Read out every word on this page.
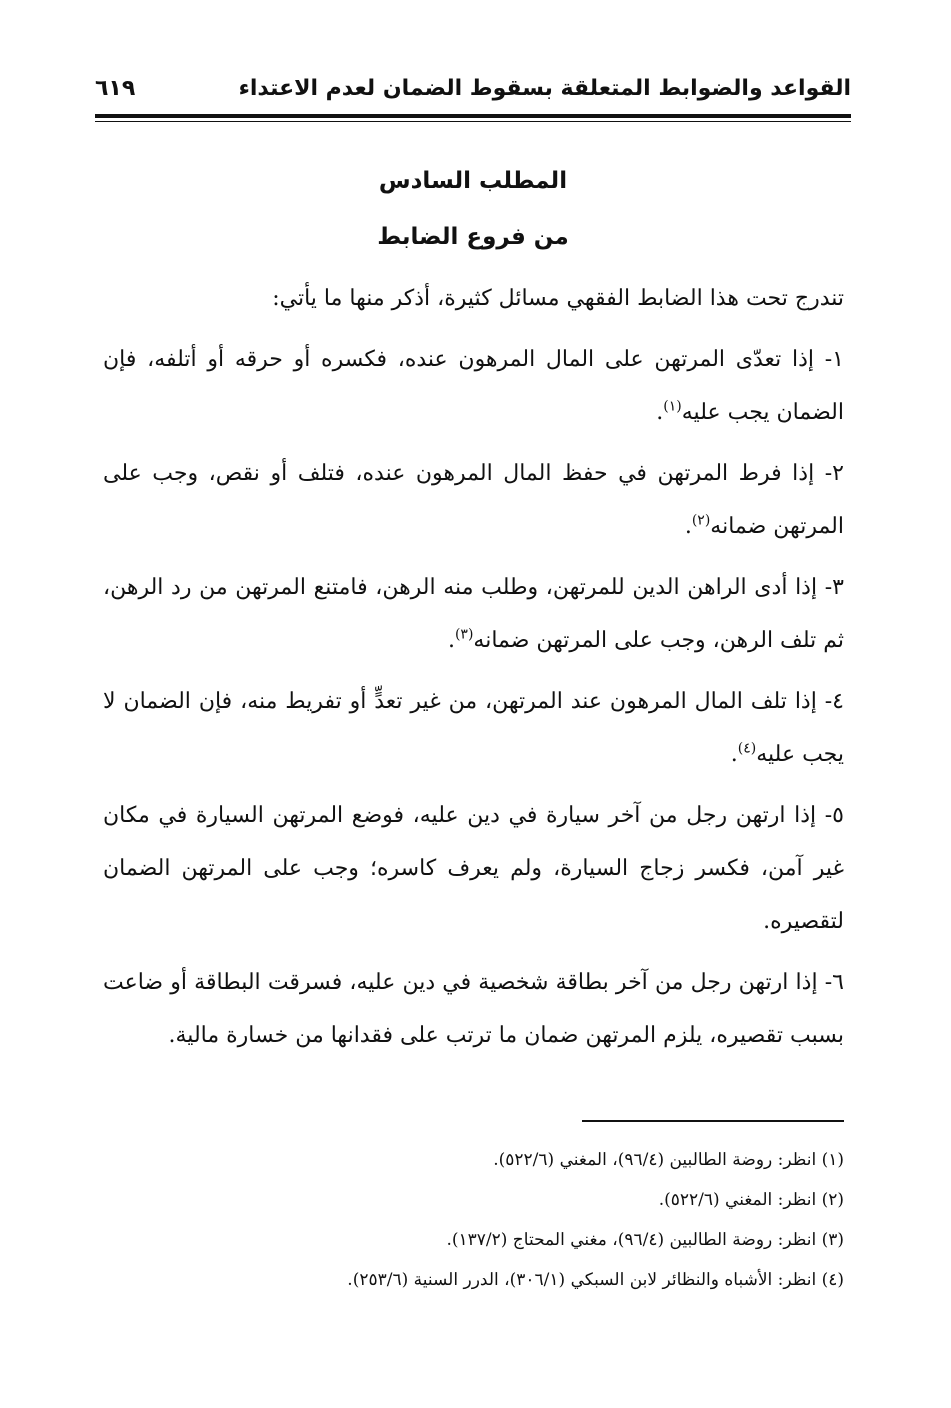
القواعد والضوابط المتعلقة بسقوط الضمان لعدم الاعتداء
٦١٩
المطلب السادس
من فروع الضابط

تندرج تحت هذا الضابط الفقهي مسائل كثيرة، أذكر منها ما يأتي:

١- إذا تعدّى المرتهن على المال المرهون عنده، فكسره أو حرقه أو أتلفه، فإن الضمان يجب عليه$^{(١)}$.

٢- إذا فرط المرتهن في حفظ المال المرهون عنده، فتلف أو نقص، وجب على المرتهن ضمانه$^{(٢)}$.

٣- إذا أدى الراهن الدين للمرتهن، وطلب منه الرهن، فامتنع المرتهن من رد الرهن، ثم تلف الرهن، وجب على المرتهن ضمانه$^{(٣)}$.

٤- إذا تلف المال المرهون عند المرتهن، من غير تعدٍّ أو تفريط منه، فإن الضمان لا يجب عليه$^{(٤)}$.

٥- إذا ارتهن رجل من آخر سيارة في دين عليه، فوضع المرتهن السيارة في مكان غير آمن، فكسر زجاج السيارة، ولم يعرف كاسره؛ وجب على المرتهن الضمان لتقصيره.

٦- إذا ارتهن رجل من آخر بطاقة شخصية في دين عليه، فسرقت البطاقة أو ضاعت بسبب تقصيره، يلزم المرتهن ضمان ما ترتب على فقدانها من خسارة مالية.

(١) انظر: روضة الطالبين (٩٦/٤)، المغني (٥٢٢/٦).
(٢) انظر: المغني (٥٢٢/٦).
(٣) انظر: روضة الطالبين (٩٦/٤)، مغني المحتاج (١٣٧/٢).
(٤) انظر: الأشباه والنظائر لابن السبكي (٣٠٦/١)، الدرر السنية (٢٥٣/٦).
